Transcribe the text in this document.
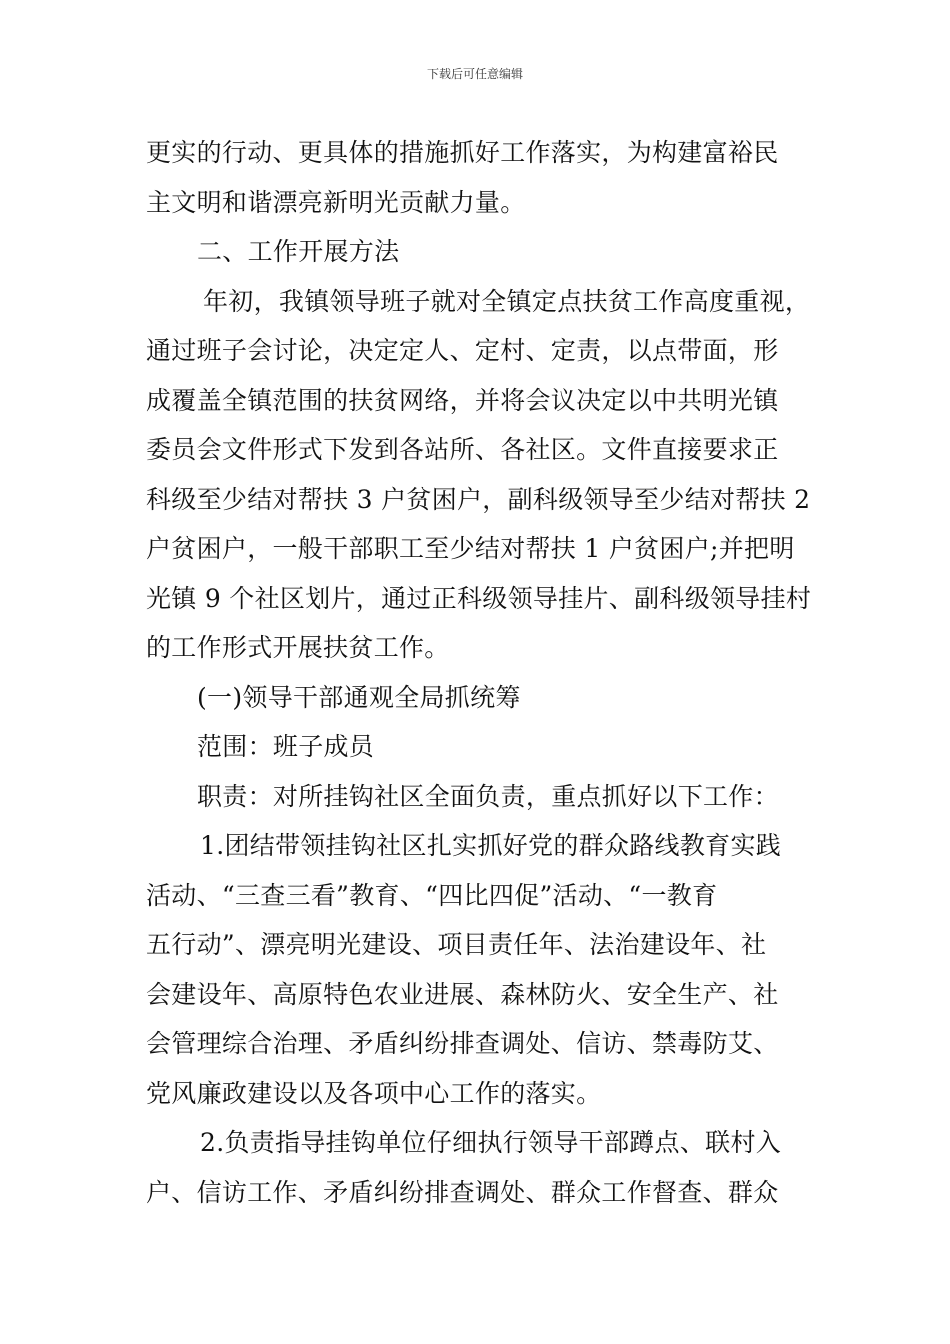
下载后可任意编辑
更实的行动、更具体的措施抓好工作落实，为构建富裕民
主文明和谐漂亮新明光贡献力量。
二、工作开展方法
年初，我镇领导班子就对全镇定点扶贫工作高度重视，
通过班子会讨论，决定定人、定村、定责，以点带面，形
成覆盖全镇范围的扶贫网络，并将会议决定以中共明光镇
委员会文件形式下发到各站所、各社区。文件直接要求正
科级至少结对帮扶 3 户贫困户，副科级领导至少结对帮扶 2
户贫困户，一般干部职工至少结对帮扶 1 户贫困户;并把明
光镇 9 个社区划片，通过正科级领导挂片、副科级领导挂村
的工作形式开展扶贫工作。
(一)领导干部通观全局抓统筹
范围：班子成员
职责：对所挂钩社区全面负责，重点抓好以下工作：
1.团结带领挂钩社区扎实抓好党的群众路线教育实践
活动、“三查三看”教育、“四比四促”活动、“一教育
五行动”、漂亮明光建设、项目责任年、法治建设年、社
会建设年、高原特色农业进展、森林防火、安全生产、社
会管理综合治理、矛盾纠纷排查调处、信访、禁毒防艾、
党风廉政建设以及各项中心工作的落实。
2.负责指导挂钩单位仔细执行领导干部蹲点、联村入
户、信访工作、矛盾纠纷排查调处、群众工作督查、群众
